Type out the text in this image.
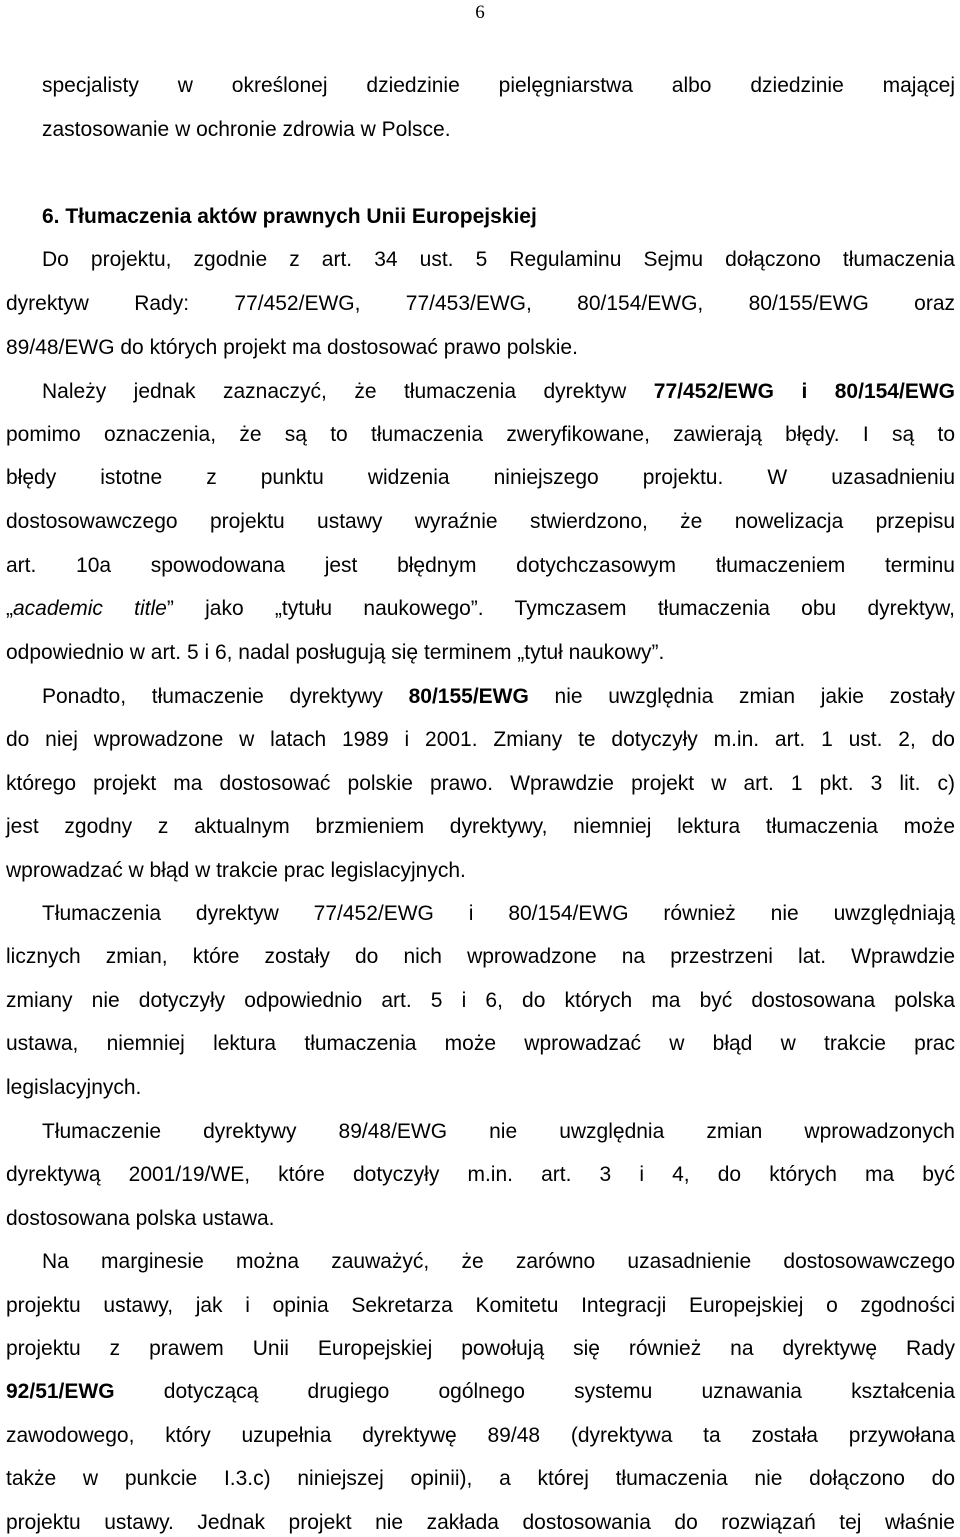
6
specjalisty w określonej dziedzinie pielęgniarstwa albo dziedzinie mającej
zastosowanie w ochronie zdrowia w Polsce.
6. Tłumaczenia aktów prawnych Unii Europejskiej
Do projektu, zgodnie z art. 34 ust. 5 Regulaminu Sejmu dołączono tłumaczenia
dyrektyw Rady: 77/452/EWG, 77/453/EWG, 80/154/EWG, 80/155/EWG oraz
89/48/EWG do których projekt ma dostosować prawo polskie.
Należy jednak zaznaczyć, że tłumaczenia dyrektyw 77/452/EWG i 80/154/EWG
pomimo oznaczenia, że są to tłumaczenia zweryfikowane, zawierają błędy. I są to
błędy istotne z punktu widzenia niniejszego projektu. W uzasadnieniu
dostosowawczego projektu ustawy wyraźnie stwierdzono, że nowelizacja przepisu
art. 10a spowodowana jest błędnym dotychczasowym tłumaczeniem terminu
„academic title” jako „tytułu naukowego”. Tymczasem tłumaczenia obu dyrektyw,
odpowiednio w art. 5 i 6, nadal posługują się terminem „tytuł naukowy”.
Ponadto, tłumaczenie dyrektywy 80/155/EWG nie uwzględnia zmian jakie zostały
do niej wprowadzone w latach 1989 i 2001. Zmiany te dotyczyły m.in. art. 1 ust. 2, do
którego projekt ma dostosować polskie prawo. Wprawdzie projekt w art. 1 pkt. 3 lit. c)
jest zgodny z aktualnym brzmieniem dyrektywy, niemniej lektura tłumaczenia może
wprowadzać w błąd w trakcie prac legislacyjnych.
Tłumaczenia dyrektyw 77/452/EWG i 80/154/EWG również nie uwzględniają
licznych zmian, które zostały do nich wprowadzone na przestrzeni lat. Wprawdzie
zmiany nie dotyczyły odpowiednio art. 5 i 6, do których ma być dostosowana polska
ustawa, niemniej lektura tłumaczenia może wprowadzać w błąd w trakcie prac
legislacyjnych.
Tłumaczenie dyrektywy 89/48/EWG nie uwzględnia zmian wprowadzonych
dyrektywą 2001/19/WE, które dotyczyły m.in. art. 3 i 4, do których ma być
dostosowana polska ustawa.
Na marginesie można zauważyć, że zarówno uzasadnienie dostosowawczego
projektu ustawy, jak i opinia Sekretarza Komitetu Integracji Europejskiej o zgodności
projektu z prawem Unii Europejskiej powołują się również na dyrektywę Rady
92/51/EWG dotyczącą drugiego ogólnego systemu uznawania kształcenia
zawodowego, który uzupełnia dyrektywę 89/48 (dyrektywa ta została przywołana
także w punkcie I.3.c) niniejszej opinii), a której tłumaczenia nie dołączono do
projektu ustawy. Jednak projekt nie zakłada dostosowania do rozwiązań tej właśnie
